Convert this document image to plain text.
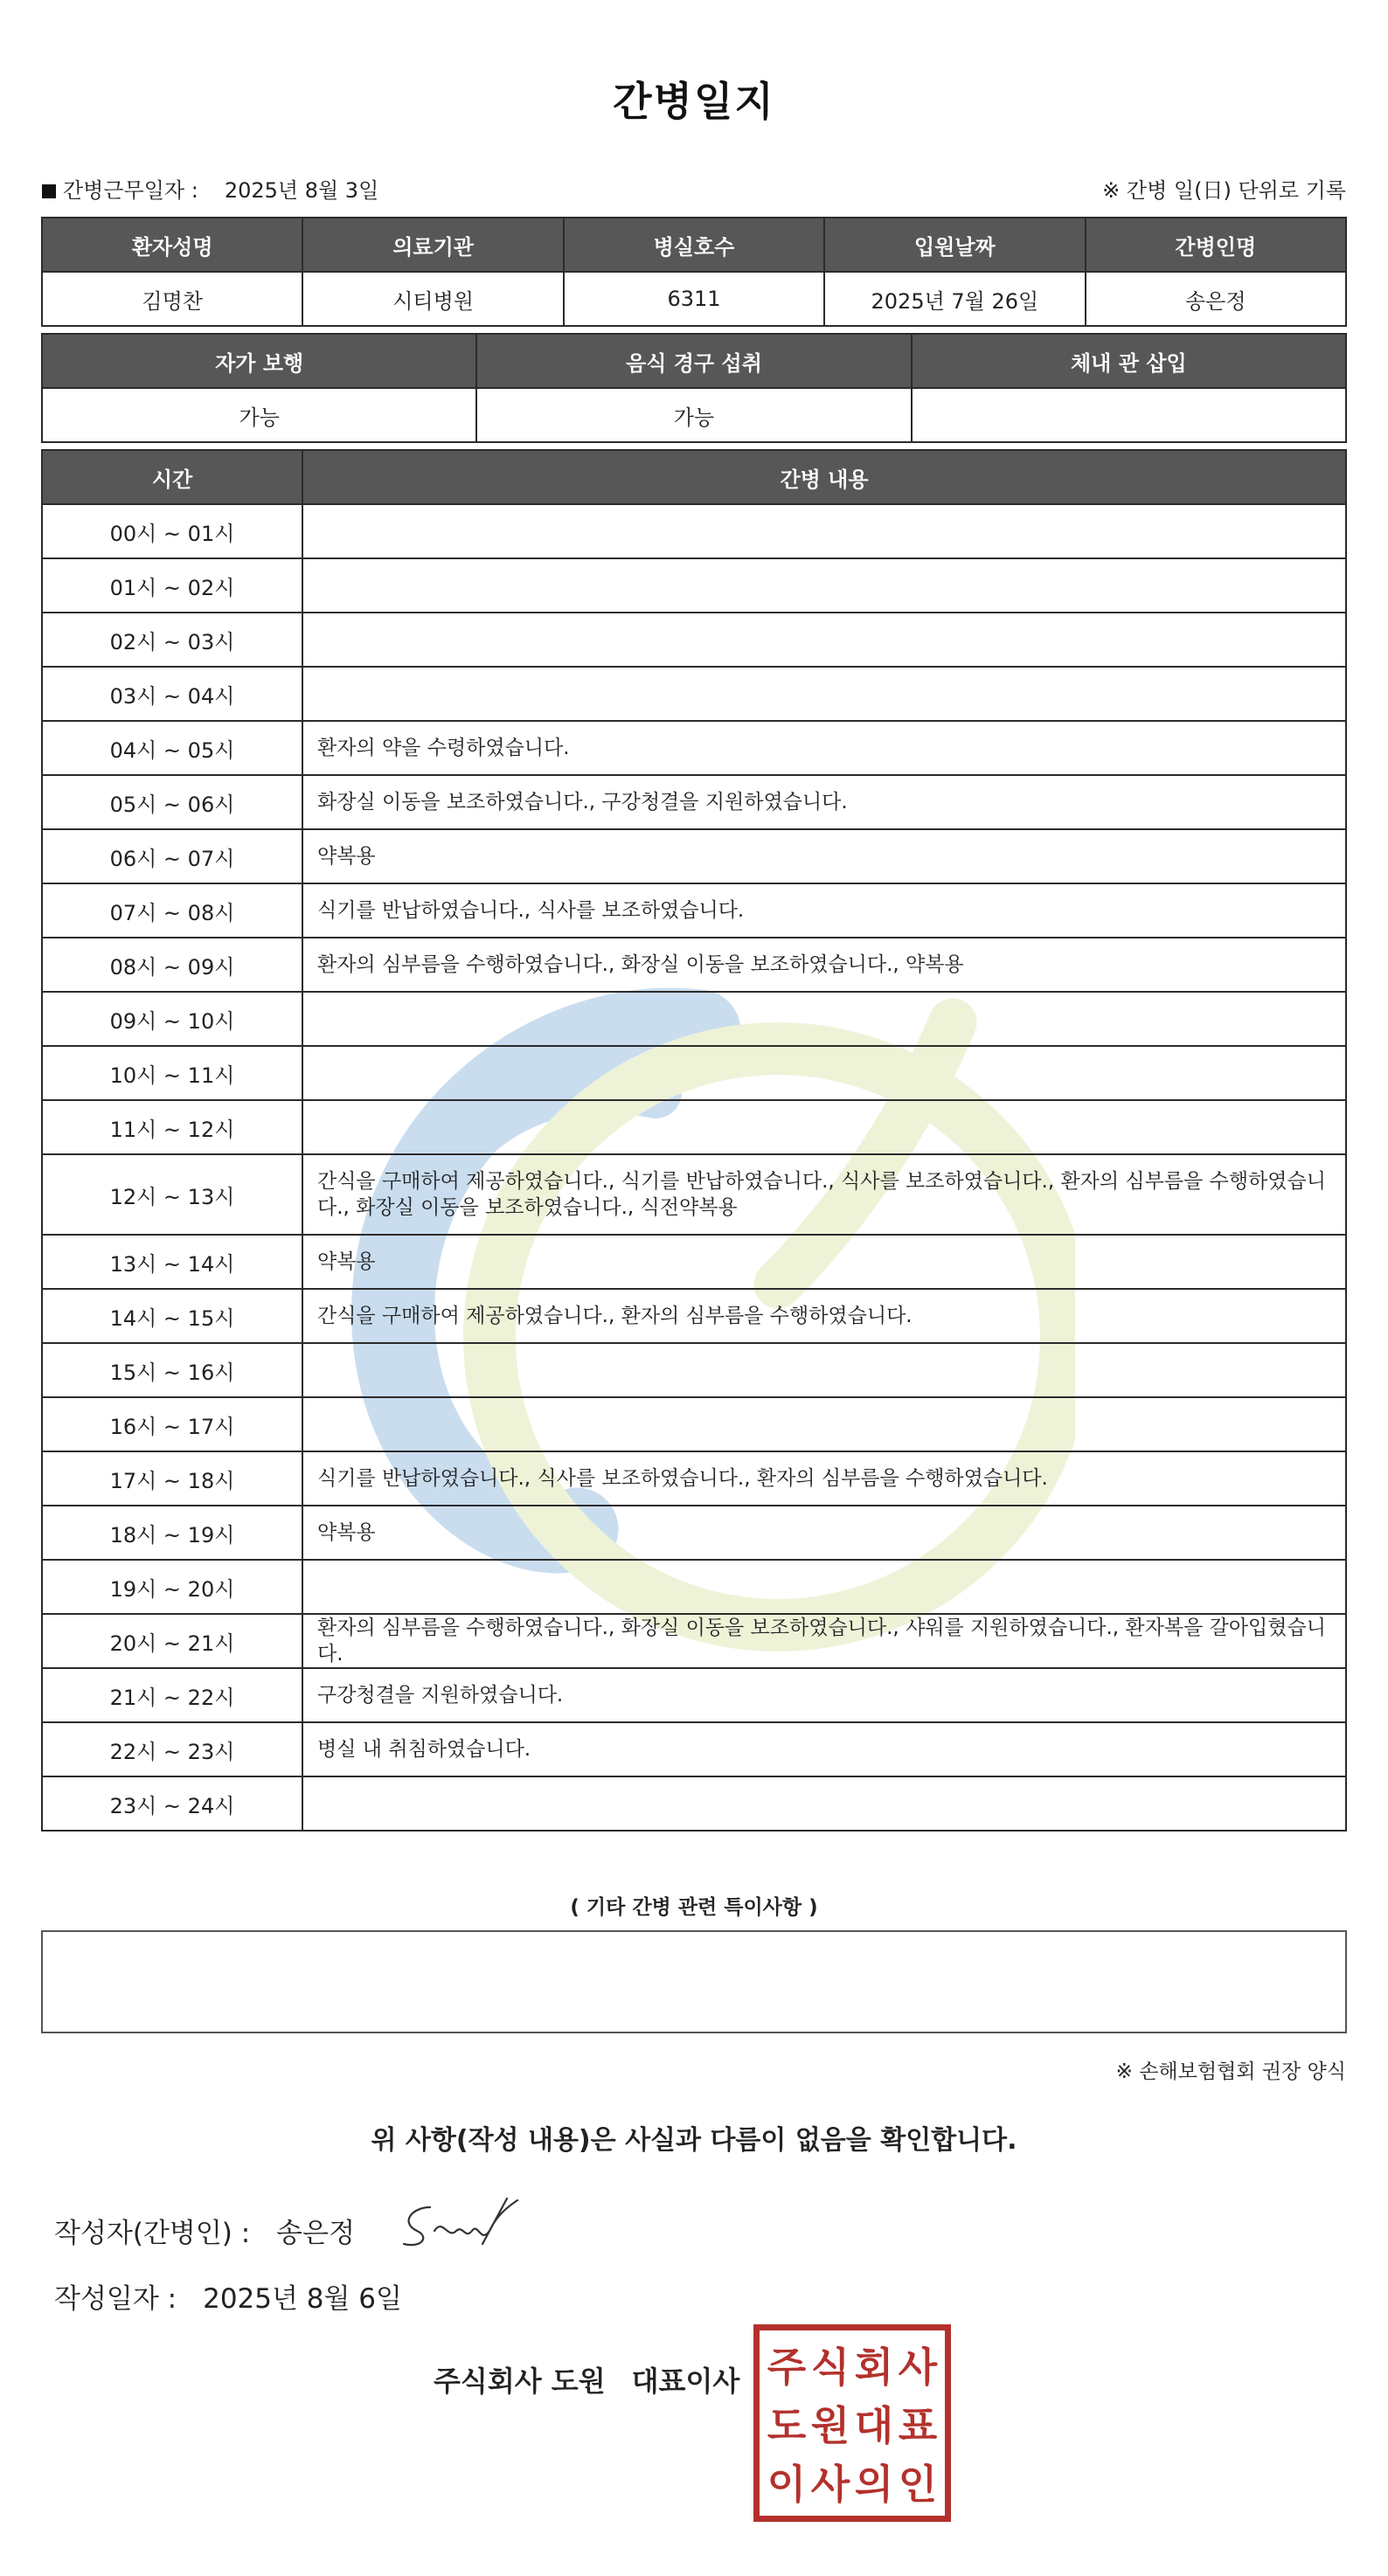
간병일지
간병근무일자 : 2025년 8월 3일	※ 간병 일(日) 단위로 기록
환자성명	의료기관	병실호수	입원날짜	간병인명
김명찬	시티병원	6311	2025년 7월 26일	송은정
자가 보행	음식 경구 섭취	체내 관 삽입
가능	가능	
시간	간병 내용
00시 ~ 01시	
01시 ~ 02시	
02시 ~ 03시	
03시 ~ 04시	
04시 ~ 05시	환자의 약을 수령하였습니다.
05시 ~ 06시	화장실 이동을 보조하였습니다., 구강청결을 지원하였습니다.
06시 ~ 07시	약복용
07시 ~ 08시	식기를 반납하였습니다., 식사를 보조하였습니다.
08시 ~ 09시	환자의 심부름을 수행하였습니다., 화장실 이동을 보조하였습니다., 약복용
09시 ~ 10시	
10시 ~ 11시	
11시 ~ 12시	
12시 ~ 13시	간식을 구매하여 제공하였습니다., 식기를 반납하였습니다., 식사를 보조하였습니다., 환자의 심부름을 수행하였습니다., 화장실 이동을 보조하였습니다., 식전약복용
13시 ~ 14시	약복용
14시 ~ 15시	간식을 구매하여 제공하였습니다., 환자의 심부름을 수행하였습니다.
15시 ~ 16시	
16시 ~ 17시	
17시 ~ 18시	식기를 반납하였습니다., 식사를 보조하였습니다., 환자의 심부름을 수행하였습니다.
18시 ~ 19시	약복용
19시 ~ 20시	
20시 ~ 21시	환자의 심부름을 수행하였습니다., 화장실 이동을 보조하였습니다., 샤워를 지원하였습니다., 환자복을 갈아입혔습니다.
21시 ~ 22시	구강청결을 지원하였습니다.
22시 ~ 23시	병실 내 취침하였습니다.
23시 ~ 24시	
( 기타 간병 관련 특이사항 )
※ 손해보험협회 권장 양식
위 사항(작성 내용)은 사실과 다름이 없음을 확인합니다.
작성자(간병인) : 송은정
작성일자 : 2025년 8월 6일
주식회사 도원 대표이사 주 식 회 사
도 원 대 표
이 사 의 인
